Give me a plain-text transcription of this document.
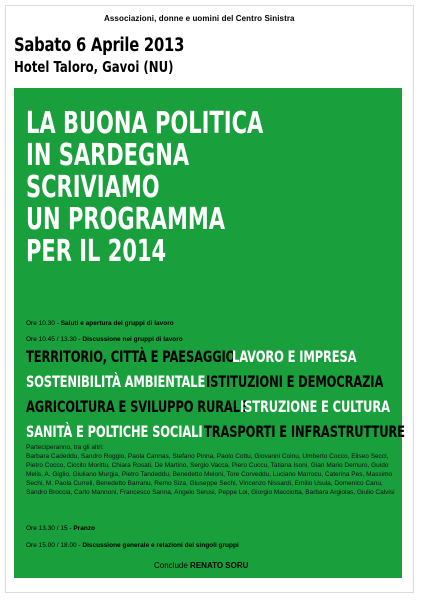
Associazioni, donne e uomini del Centro Sinistra
Sabato 6 Aprile 2013
Hotel Taloro, Gavoi (NU)
LA BUONA POLITICA
IN SARDEGNA
SCRIVIAMO
UN PROGRAMMA
PER IL 2014
Ore 10.30 - Saluti e apertura dei gruppi di lavoro
Ore 10.45 / 13.30 - Discussione nei gruppi di lavoro
TERRITORIO, CITTÀ E PAESAGGIO
LAVORO E IMPRESA
SOSTENIBILITÀ AMBIENTALE ISTITUZIONI E DEMOCRAZIA
AGRICOLTURA E SVILUPPO RURALE
ISTRUZIONE E CULTURA
SANITÀ E POLTICHE SOCIALI TRASPORTI E INFRASTRUTTURE

Parteciperanno, tra gli altri:
Barbara Cadeddu, Sandro Roggio, Paola Cannas, Stefano Pinna, Paolo Cottu, Giovanni Coinu, Umberto Cocco, Eliseo Secci, Pietro Cocco, Ciccito Morittu, Chiara Rosati, De Martino, Sergio Vacca, Piero Cuccu, Tatiana Isoni, Gian Mario Demuro, Guido Melis, A. Giglio, Giuliano Murgia, Pietro Tandeddu, Benedetto Meloni, Tore Corveddu, Luciano Marrocu, Caterina Pes, Massimo Sechi, M. Paola Curreli, Benedetto Barranu, Remo Siza, Giuseppe Sechi, Vincenzo Nissardi, Emilio Usula, Domenico Canu, Sandro Broccia, Carlo Mannoni, Francesco Sanna, Angelo Serusi, Peppe Loi, Giorgio Macciotta, Barbara Argiolas, Giulio Calvisi

Ore 13.30 / 15 - Pranzo
Ore 15.00 / 18.00 - Discussione generale e relazioni dei singoli gruppi
Conclude RENATO SORU
